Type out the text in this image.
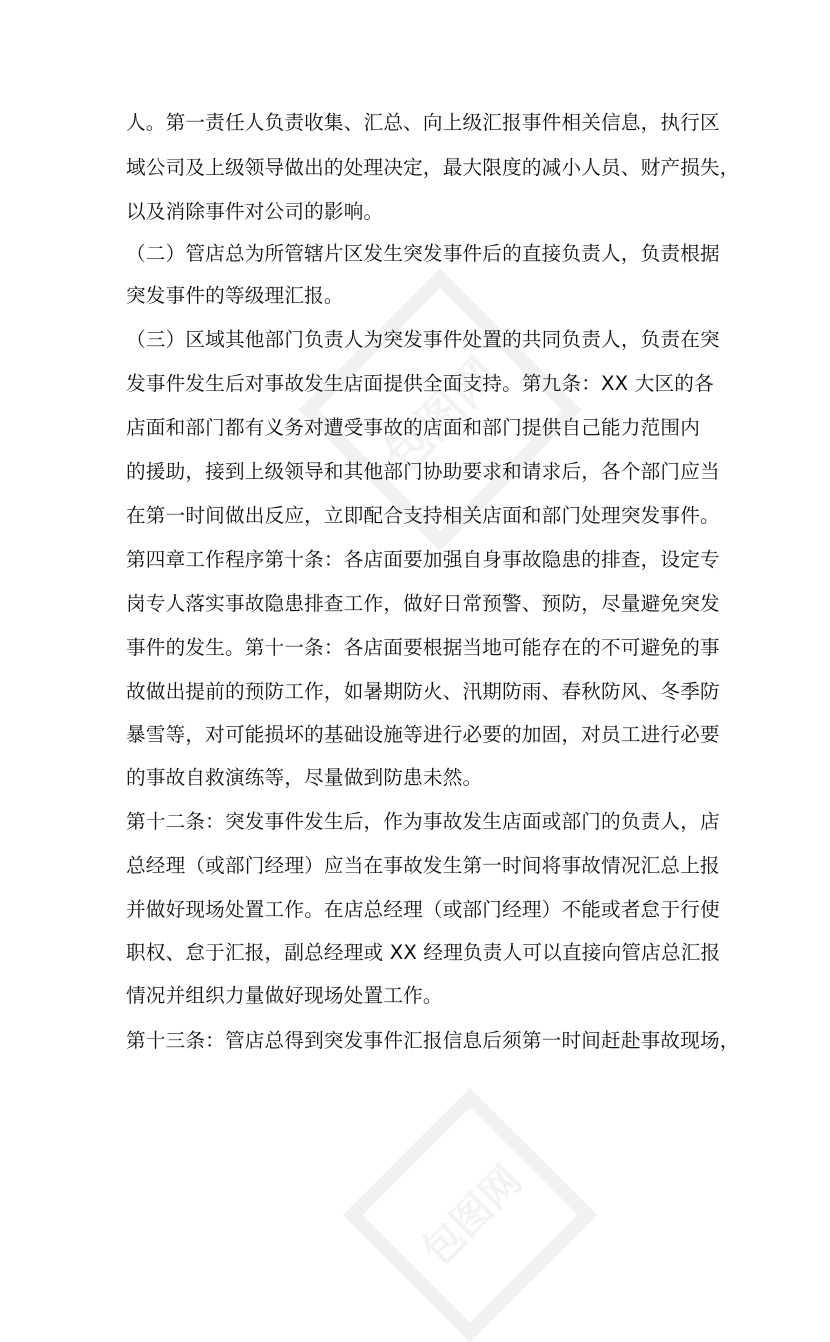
包图网
包图网
人。第一责任人负责收集、汇总、向上级汇报事件相关信息，执行区
域公司及上级领导做出的处理决定，最大限度的减小人员、财产损失，
以及消除事件对公司的影响。
（二）管店总为所管辖片区发生突发事件后的直接负责人，负责根据
突发事件的等级理汇报。
（三）区域其他部门负责人为突发事件处置的共同负责人，负责在突
发事件发生后对事故发生店面提供全面支持。第九条：XX 大区的各
店面和部门都有义务对遭受事故的店面和部门提供自己能力范围内
的援助，接到上级领导和其他部门协助要求和请求后，各个部门应当
在第一时间做出反应，立即配合支持相关店面和部门处理突发事件。
第四章工作程序第十条：各店面要加强自身事故隐患的排查，设定专
岗专人落实事故隐患排查工作，做好日常预警、预防，尽量避免突发
事件的发生。第十一条：各店面要根据当地可能存在的不可避免的事
故做出提前的预防工作，如暑期防火、汛期防雨、春秋防风、冬季防
暴雪等，对可能损坏的基础设施等进行必要的加固，对员工进行必要
的事故自救演练等，尽量做到防患未然。
第十二条：突发事件发生后，作为事故发生店面或部门的负责人，店
总经理（或部门经理）应当在事故发生第一时间将事故情况汇总上报
并做好现场处置工作。在店总经理（或部门经理）不能或者怠于行使
职权、怠于汇报，副总经理或 XX 经理负责人可以直接向管店总汇报
情况并组织力量做好现场处置工作。
第十三条：管店总得到突发事件汇报信息后须第一时间赶赴事故现场，
